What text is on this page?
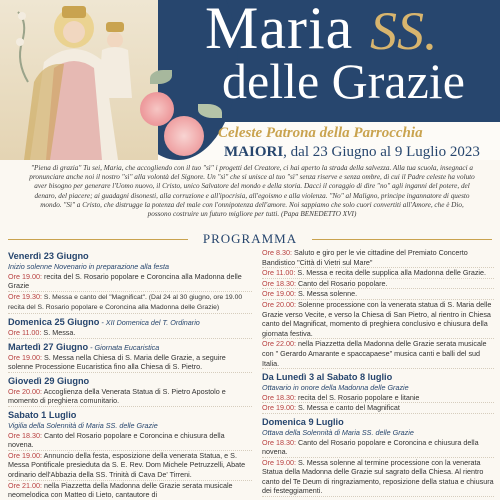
Maria SS.
delle Grazie
Celeste Patrona della Parrocchia
MAIORI, dal 23 Giugno al 9 Luglio 2023
"Piena di grazia" Tu sei, Maria, che accogliendo con il tuo "sì" i progetti del Creatore, ci hai aperto la strada della salvezza. Alla tua scuola, insegnaci a pronunciare anche noi il nostro "sì" alla volontà del Signore. Un "sì" che si unisce al tuo "sì" senza riserve e senza ombre, di cui il Padre celeste ha voluto aver bisogno per generare l'Uomo nuovo, il Cristo, unico Salvatore del mondo e della storia. Dacci il coraggio di dire "no" agli inganni del potere, del denaro, del piacere; ai guadagni disonesti, alla corruzione e all'ipocrisia, all'egoismo e alla violenza. "No" al Maligno, principe ingannatore di questo mondo. "Sì" a Cristo, che distrugge la potenza del male con l'onnipotenza dell'amore. Noi sappiamo che solo cuori convertiti all'Amore, che è Dio, possono costruire un futuro migliore per tutti. (Papa BENEDETTO XVI)
PROGRAMMA
Venerdì 23 Giugno
Inizio solenne Novenario in preparazione alla festa
Ore 19.00: recita del S. Rosario popolare e Coroncina alla Madonna delle Grazie
Ore 19.30: S. Messa e canto del "Magnificat". (Dal 24 al 30 giugno, ore 19.00 recita del S. Rosario popolare e Coroncina alla Madonna delle Grazie)
Domenica 25 Giugno - XII Domenica del T. Ordinario
Ore 11.00: S. Messa.
Martedì 27 Giugno - Giornata Eucaristica
Ore 19.00: S. Messa nella Chiesa di S. Maria delle Grazie, a seguire solenne Processione Eucaristica fino alla Chiesa di S. Pietro.
Giovedì 29 Giugno
Ore 20.00: Accoglienza della Venerata Statua di S. Pietro Apostolo e momento di preghiera comunitario.
Sabato 1 Luglio
Vigilia della Solennità di Maria SS. delle Grazie
Ore 18.30: Canto del Rosario popolare e Coroncina e chiusura della novena.
Ore 19.00: Annuncio della festa, esposizione della venerata Statua, e S. Messa Pontificale presieduta da S. E. Rev. Dom Michele Petruzzelli, Abate ordinario dell'Abbazia della SS. Trinità di Cava De' Tirreni.
Ore 21.00: nella Piazzetta della Madonna delle Grazie serata musicale neomelodica con Matteo di Lieto, cantautore di
Ore 8.30: Saluto e giro per le vie cittadine del Premiato Concerto Bandistico "Città di Vietri sul Mare"
Ore 11.00: S. Messa e recita delle supplica alla Madonna delle Grazie.
Ore 18.30: Canto del Rosario popolare.
Ore 19.00: S. Messa solenne.
Ore 20.00: Solenne processione con la venerata statua di S. Maria delle Grazie verso Vecite, e verso la Chiesa di San Pietro, al rientro in Chiesa canto del Magnificat, momento di preghiera conclusivo e chiusura della giornata festiva.
Ore 22.00: nella Piazzetta della Madonna delle Grazie serata musicale con " Gerardo Amarante e spaccapaese" musica canti e balli del sud Italia.
Da Lunedì 3 al Sabato 8 luglio
Ottavario in onore della Madonna delle Grazie
Ore 18.30: recita del S. Rosario popolare e litanie
Ore 19.00: S. Messa e canto del Magnificat
Domenica 9 Luglio
Ottava della Solennità di Maria SS. delle Grazie
Ore 18.30: Canto del Rosario popolare e Coroncina e chiusura della novena.
Ore 19.00: S. Messa solenne al termine processione con la venerata Statua della Madonna delle Grazie sul sagrato della Chiesa. Al rientro canto del Te Deum di ringraziamento, reposizione della statua e chiusura dei festeggiamenti.
